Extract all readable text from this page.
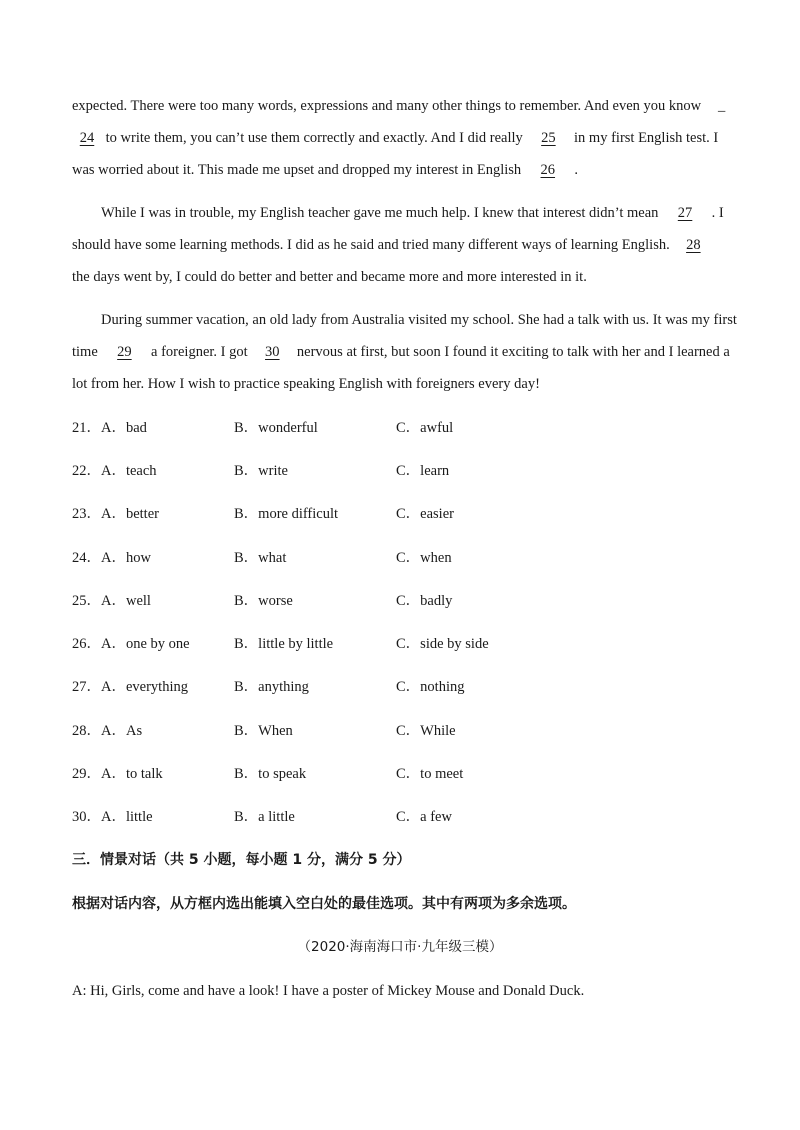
expected. There were too many words, expressions and many other things to remember. And even you know _
24 to write them, you can’t use them correctly and exactly. And I did really 25 in my first English test. I
was worried about it. This made me upset and dropped my interest in English 26 .
While I was in trouble, my English teacher gave me much help. I knew that interest didn’t mean 27 . I
should have some learning methods. I did as he said and tried many different ways of learning English. 28
the days went by, I could do better and better and became more and more interested in it.
During summer vacation, an old lady from Australia visited my school. She had a talk with us. It was my first
time 29 a foreigner. I got 30 nervous at first, but soon I found it exciting to talk with her and I learned a
lot from her. How I wish to practice speaking English with foreigners every day!
21．A．bad	B．wonderful	C．awful
22．A．teach	B．write	C．learn
23．A．better	B．more difficult	C．easier
24．A．how	B．what	C．when
25．A．well	B．worse	C．badly
26．A．one by one	B．little by little	C．side by side
27．A．everything	B．anything	C．nothing
28．A．As	B．When	C．While
29．A．to talk	B．to speak	C．to meet
30．A．little	B．a little	C．a few
三．情景对话（共 5 小题，每小题 1 分，满分 5 分）
根据对话内容，从方框内选出能填入空白处的最佳选项。其中有两项为多余选项。
（2020·海南海口市·九年级三模）
A: Hi, Girls, come and have a look! I have a poster of Mickey Mouse and Donald Duck.
